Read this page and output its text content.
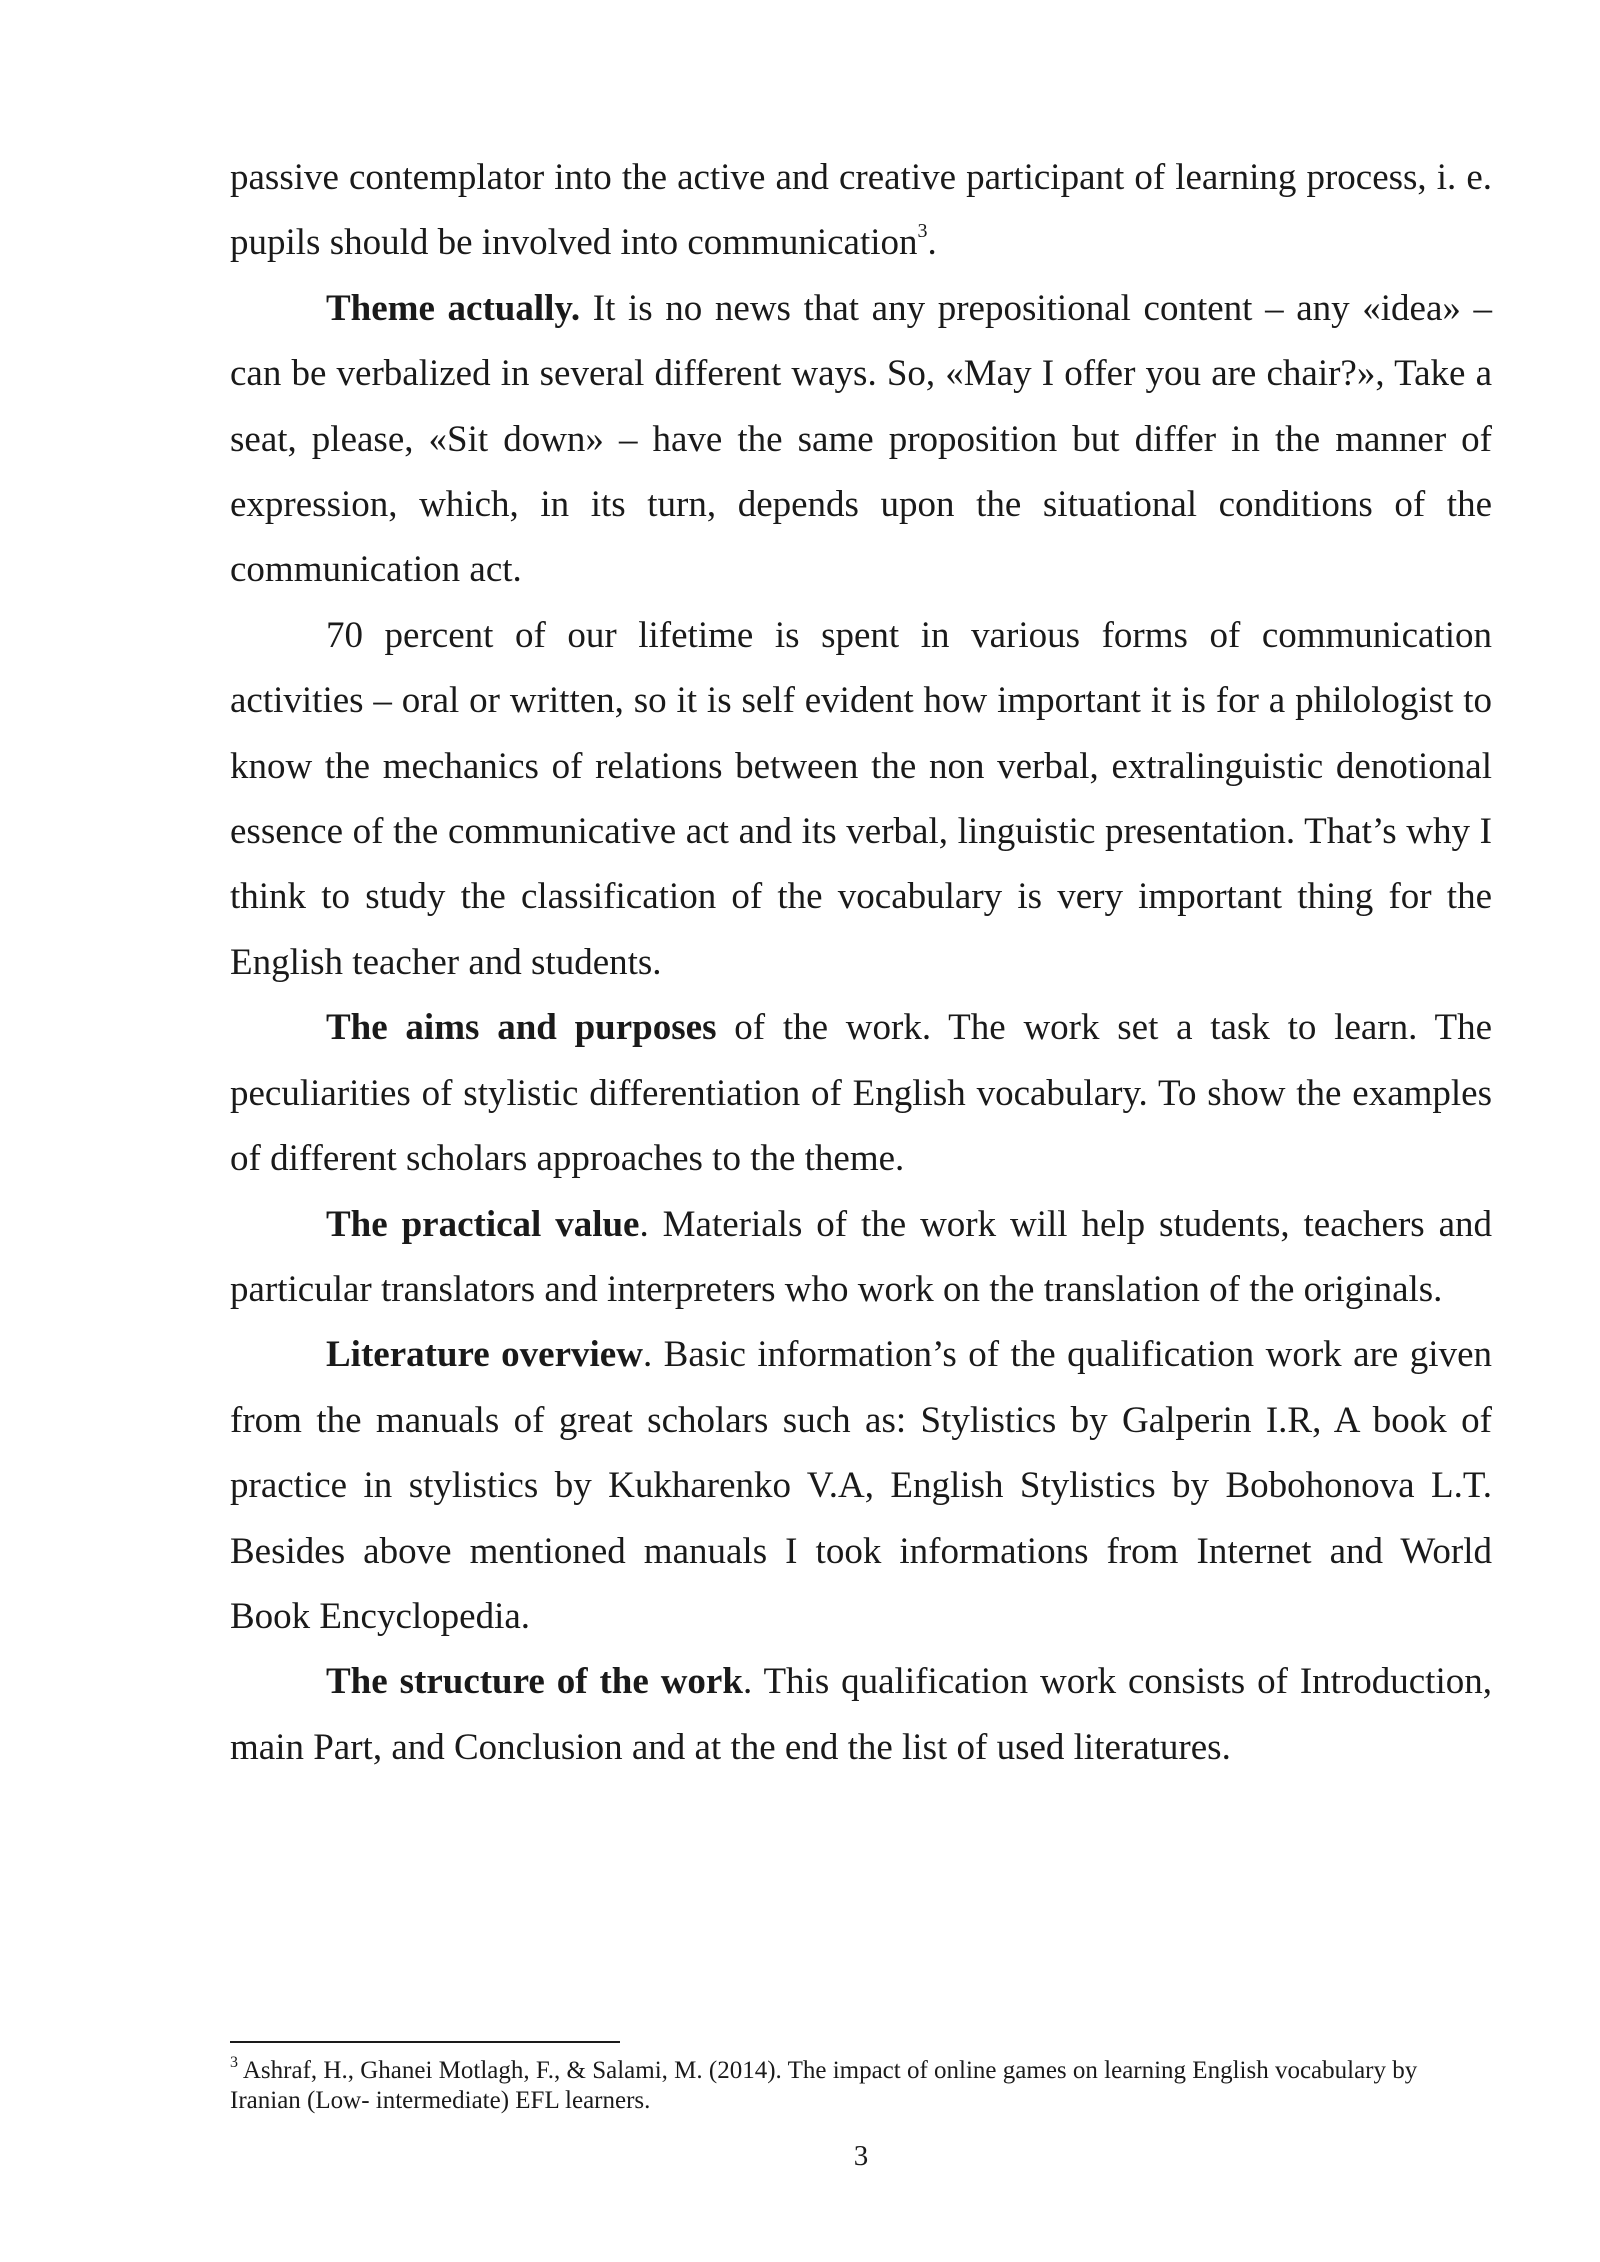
passive contemplator into the active and creative participant of learning process, i. e. pupils should be involved into communication$^3$.

Theme actually. It is no news that any prepositional content – any «idea» – can be verbalized in several different ways. So, «May I offer you are chair?», Take a seat, please, «Sit down» – have the same proposition but differ in the manner of expression, which, in its turn, depends upon the situational conditions of the communication act.

70 percent of our lifetime is spent in various forms of communication activities – oral or written, so it is self evident how important it is for a philologist to know the mechanics of relations between the non verbal, extralinguistic denotional essence of the communicative act and its verbal, linguistic presentation. That’s why I think to study the classification of the vocabulary is very important thing for the English teacher and students.

The aims and purposes of the work. The work set a task to learn. The peculiarities of stylistic differentiation of English vocabulary. To show the examples of different scholars approaches to the theme.

The practical value. Materials of the work will help students, teachers and particular translators and interpreters who work on the translation of the originals.

Literature overview. Basic information’s of the qualification work are given from the manuals of great scholars such as: Stylistics by Galperin I.R, A book of practice in stylistics by Kukharenko V.A, English Stylistics by Bobohonova L.T. Besides above mentioned manuals I took informations from Internet and World Book Encyclopedia.

The structure of the work. This qualification work consists of Introduction, main Part, and Conclusion and at the end the list of used literatures.

$^3$ Ashraf, H., Ghanei Motlagh, F., & Salami, M. (2014). The impact of online games on learning English vocabulary by Iranian (Low- intermediate) EFL learners.
3
